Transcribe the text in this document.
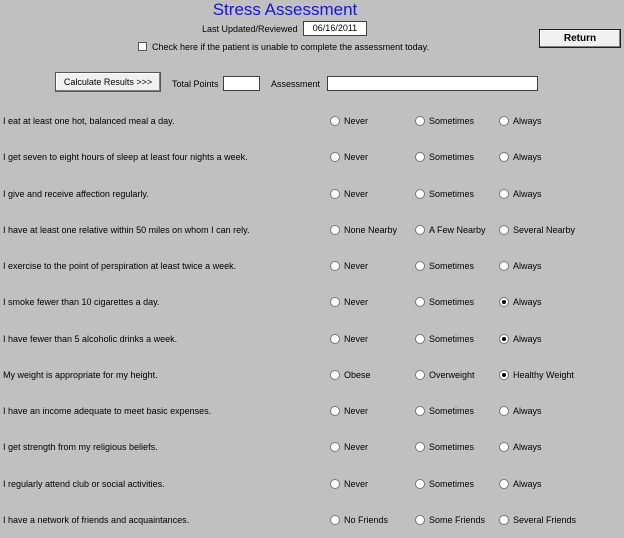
Stress Assessment
Last Updated/Reviewed	06/16/2011
Check here if the patient is unable to complete the assessment today.
Return
Calculate Results >>>	Total Points	Assessment
I eat at least one hot, balanced meal a day.	Never	Sometimes	Always
I get seven to eight hours of sleep at least four nights a week.	Never	Sometimes	Always
I give and receive affection regularly.	Never	Sometimes	Always
I have at least one relative within 50 miles on whom I can rely.	None Nearby	A Few Nearby	Several Nearby
I exercise to the point of perspiration at least twice a week.	Never	Sometimes	Always
I smoke fewer than 10 cigarettes a day.	Never	Sometimes	Always
I have fewer than 5 alcoholic drinks a week.	Never	Sometimes	Always
My weight is appropriate for my height.	Obese	Overweight	Healthy Weight
I have an income adequate to meet basic expenses.	Never	Sometimes	Always
I get strength from my religious beliefs.	Never	Sometimes	Always
I regularly attend club or social activities.	Never	Sometimes	Always
I have a network of friends and acquaintances.	No Friends	Some Friends	Several Friends
